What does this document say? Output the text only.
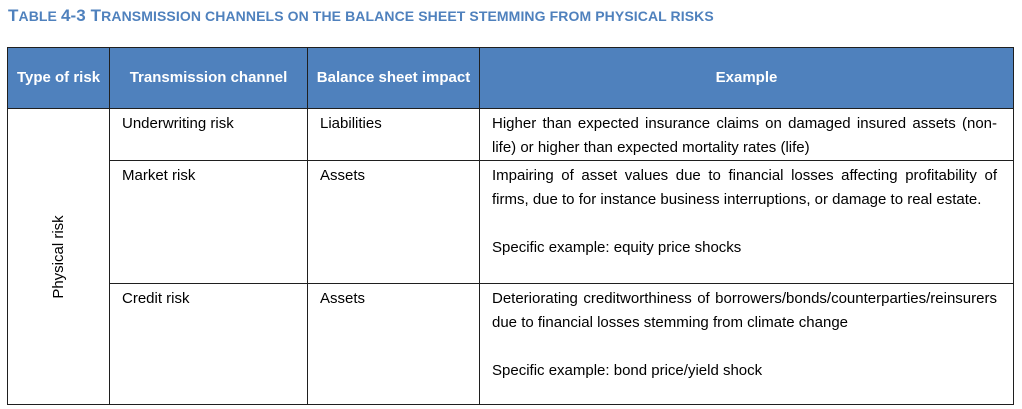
TABLE 4-3 TRANSMISSION CHANNELS ON THE BALANCE SHEET STEMMING FROM PHYSICAL RISKS
Type of risk	Transmission channel	Balance sheet impact	Example

Physical risk	Underwriting risk	Liabilities	Higher than expected insurance claims on damaged insured assets (non-life) or higher than expected mortality rates (life)

	Market risk	Assets	Impairing of asset values due to financial losses affecting profitability of firms, due to for instance business interruptions, or damage to real estate.
Specific example: equity price shocks

	Credit risk	Assets	Deteriorating creditworthiness of borrowers/bonds/counterparties/reinsurers due to financial losses stemming from climate change
Specific example: bond price/yield shock
